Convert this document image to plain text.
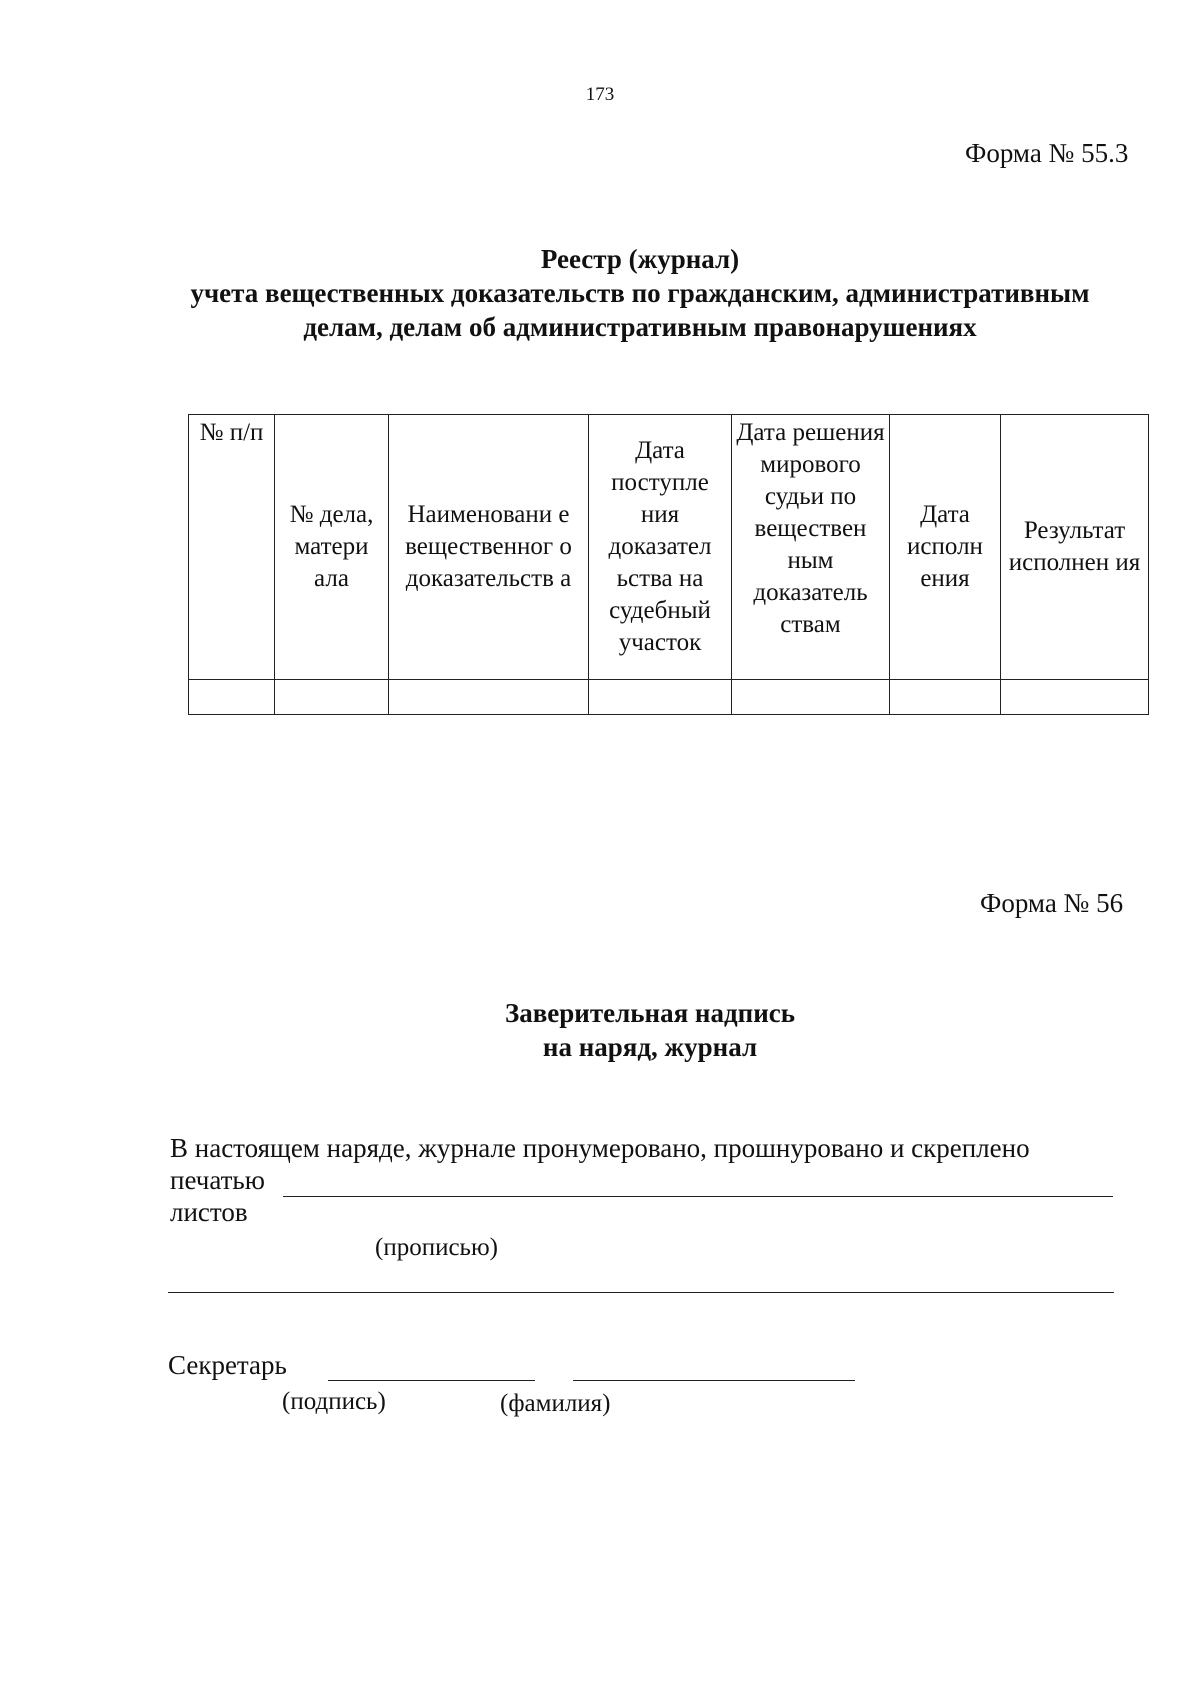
173
Форма № 55.3
Реестр (журнал)
учета вещественных доказательств по гражданским, административным
делам, делам об административным правонарушениях
№ п/п	№ дела, матери ала	Наименовани е вещественног о доказательств а	Дата поступле ния доказател ьства на судебный участок	Дата решения мирового судьи по веществен ным доказатель ствам	Дата исполн ения	Результат исполнен ия

Форма № 56
Заверительная надпись
на наряд, журнал
В настоящем наряде, журнале пронумеровано, прошнуровано и скреплено
печатью
листов
(прописью)
Секретарь
(подпись)	(фамилия)
